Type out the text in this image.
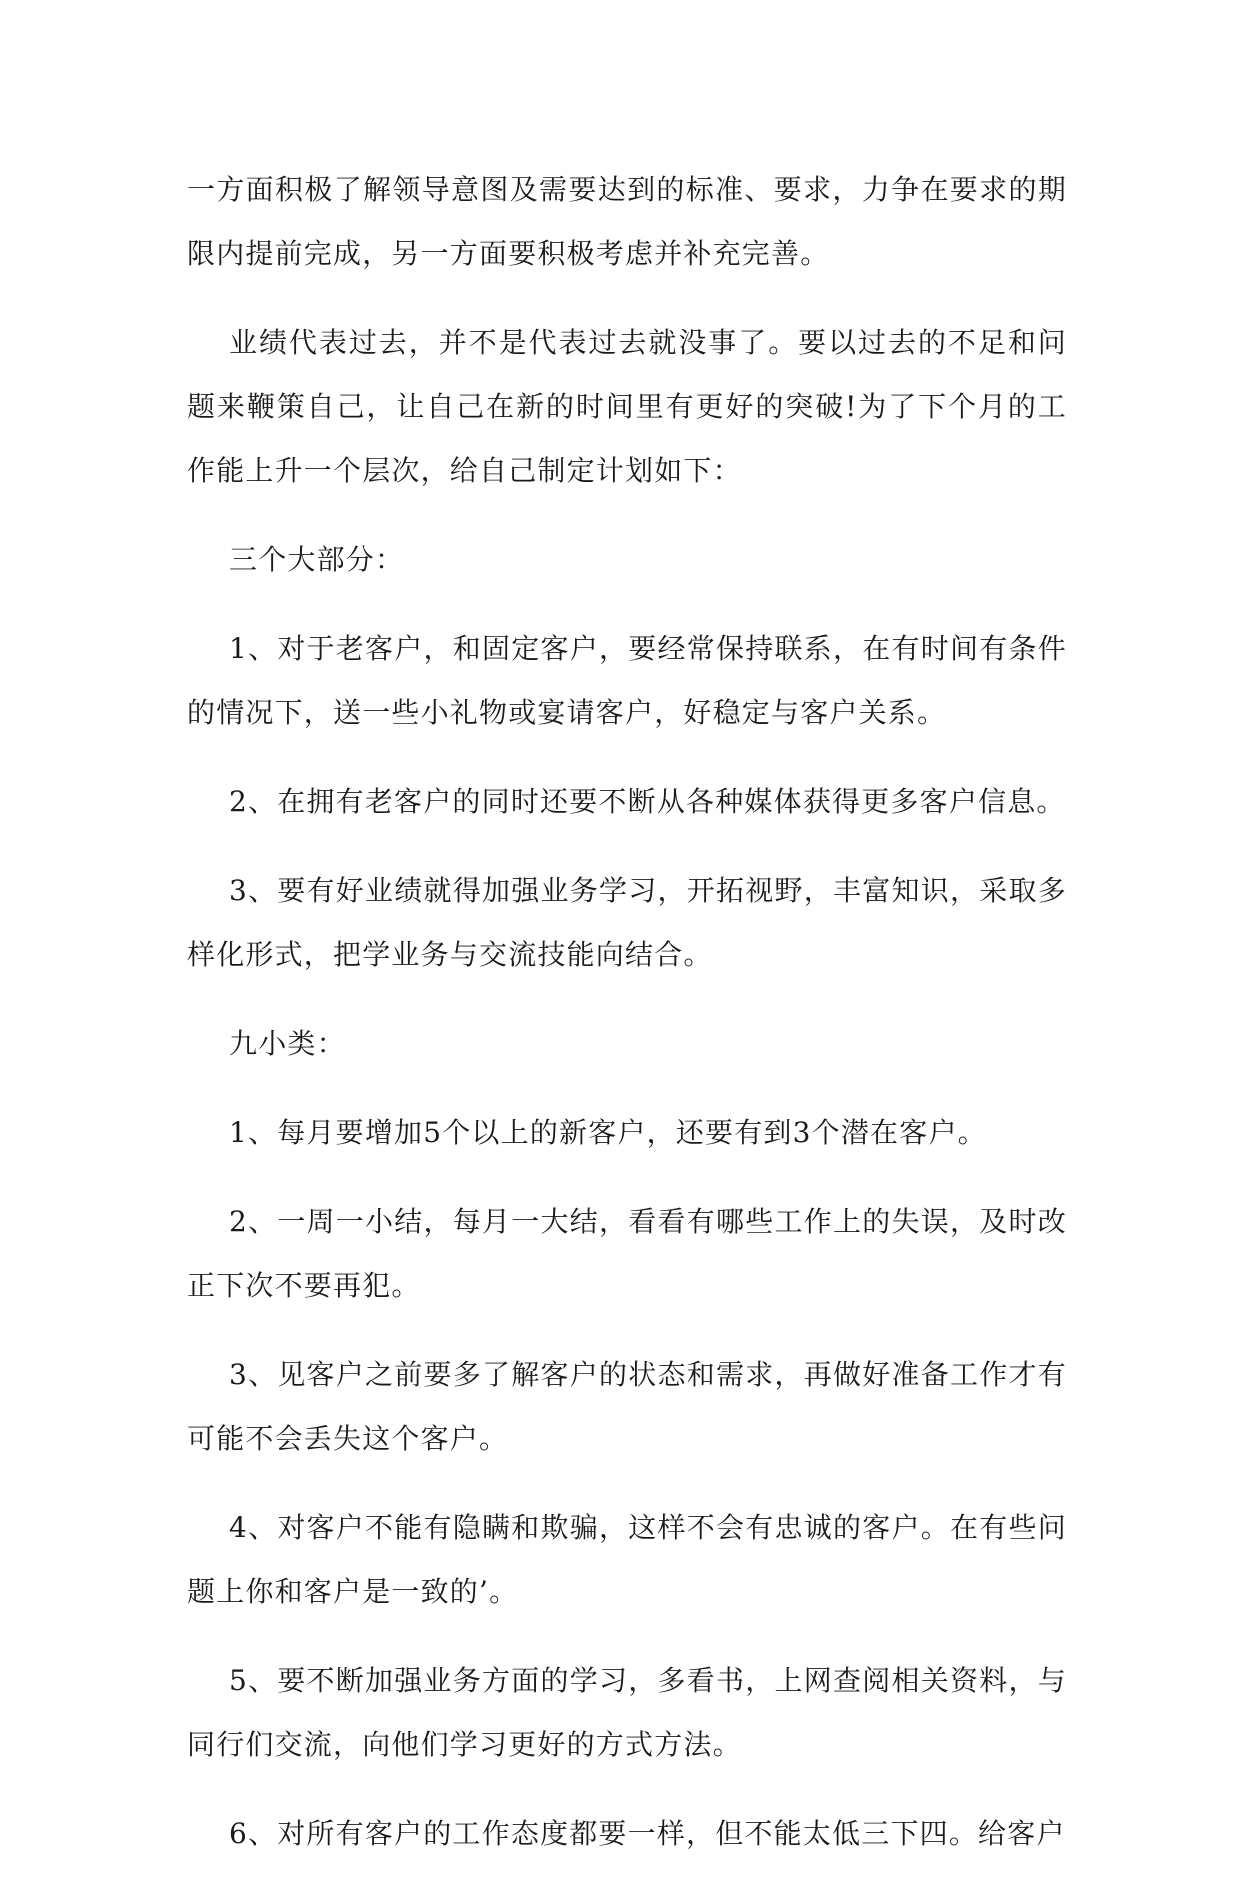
一方面积极了解领导意图及需要达到的标准、要求，力争在要求的期限内提前完成，另一方面要积极考虑并补充完善。

业绩代表过去，并不是代表过去就没事了。要以过去的不足和问题来鞭策自己，让自己在新的时间里有更好的突破!为了下个月的工作能上升一个层次，给自己制定计划如下：

三个大部分：

1、对于老客户，和固定客户，要经常保持联系，在有时间有条件的情况下，送一些小礼物或宴请客户，好稳定与客户关系。

2、在拥有老客户的同时还要不断从各种媒体获得更多客户信息。

3、要有好业绩就得加强业务学习，开拓视野，丰富知识，采取多样化形式，把学业务与交流技能向结合。

九小类：

1、每月要增加5个以上的新客户，还要有到3个潜在客户。

2、一周一小结，每月一大结，看看有哪些工作上的失误，及时改正下次不要再犯。

3、见客户之前要多了解客户的状态和需求，再做好准备工作才有可能不会丢失这个客户。

4、对客户不能有隐瞒和欺骗，这样不会有忠诚的客户。在有些问题上你和客户是一致的’。

5、要不断加强业务方面的学习，多看书，上网查阅相关资料，与同行们交流，向他们学习更好的方式方法。

6、对所有客户的工作态度都要一样，但不能太低三下四。给客户
